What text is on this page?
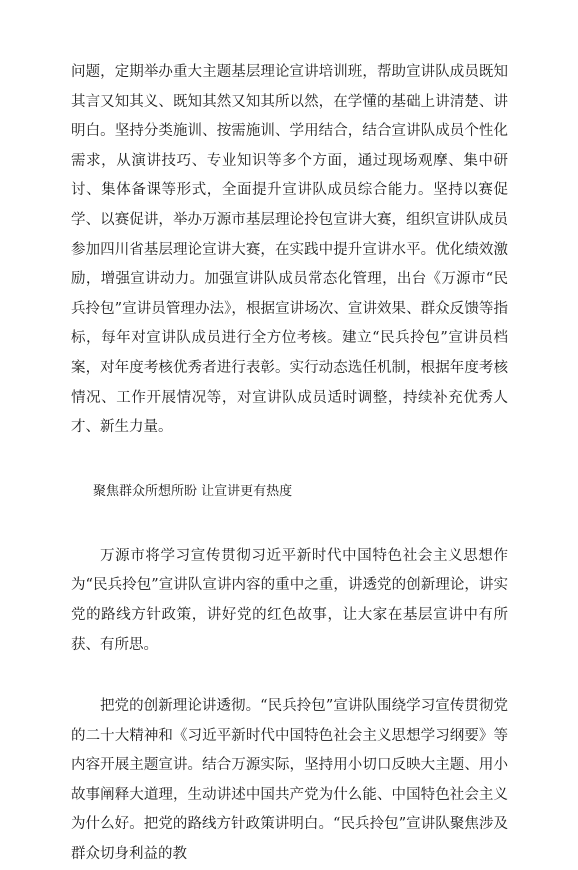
问题，定期举办重大主题基层理论宣讲培训班，帮助宣讲队成员既知其言又知其义、既知其然又知其所以然，在学懂的基础上讲清楚、讲明白。坚持分类施训、按需施训、学用结合，结合宣讲队成员个性化需求，从演讲技巧、专业知识等多个方面，通过现场观摩、集中研讨、集体备课等形式，全面提升宣讲队成员综合能力。坚持以赛促学、以赛促讲，举办万源市基层理论拎包宣讲大赛，组织宣讲队成员参加四川省基层理论宣讲大赛，在实践中提升宣讲水平。优化绩效激励，增强宣讲动力。加强宣讲队成员常态化管理，出台《万源市“民兵拎包”宣讲员管理办法》，根据宣讲场次、宣讲效果、群众反馈等指标，每年对宣讲队成员进行全方位考核。建立“民兵拎包”宣讲员档案，对年度考核优秀者进行表彰。实行动态选任机制，根据年度考核情况、工作开展情况等，对宣讲队成员适时调整，持续补充优秀人才、新生力量。

聚焦群众所想所盼 让宣讲更有热度

万源市将学习宣传贯彻习近平新时代中国特色社会主义思想作为“民兵拎包”宣讲队宣讲内容的重中之重，讲透党的创新理论，讲实党的路线方针政策，讲好党的红色故事，让大家在基层宣讲中有所获、有所思。

把党的创新理论讲透彻。“民兵拎包”宣讲队围绕学习宣传贯彻党的二十大精神和《习近平新时代中国特色社会主义思想学习纲要》等内容开展主题宣讲。结合万源实际，坚持用小切口反映大主题、用小故事阐释大道理，生动讲述中国共产党为什么能、中国特色社会主义为什么好。把党的路线方针政策讲明白。“民兵拎包”宣讲队聚焦涉及群众切身利益的教
